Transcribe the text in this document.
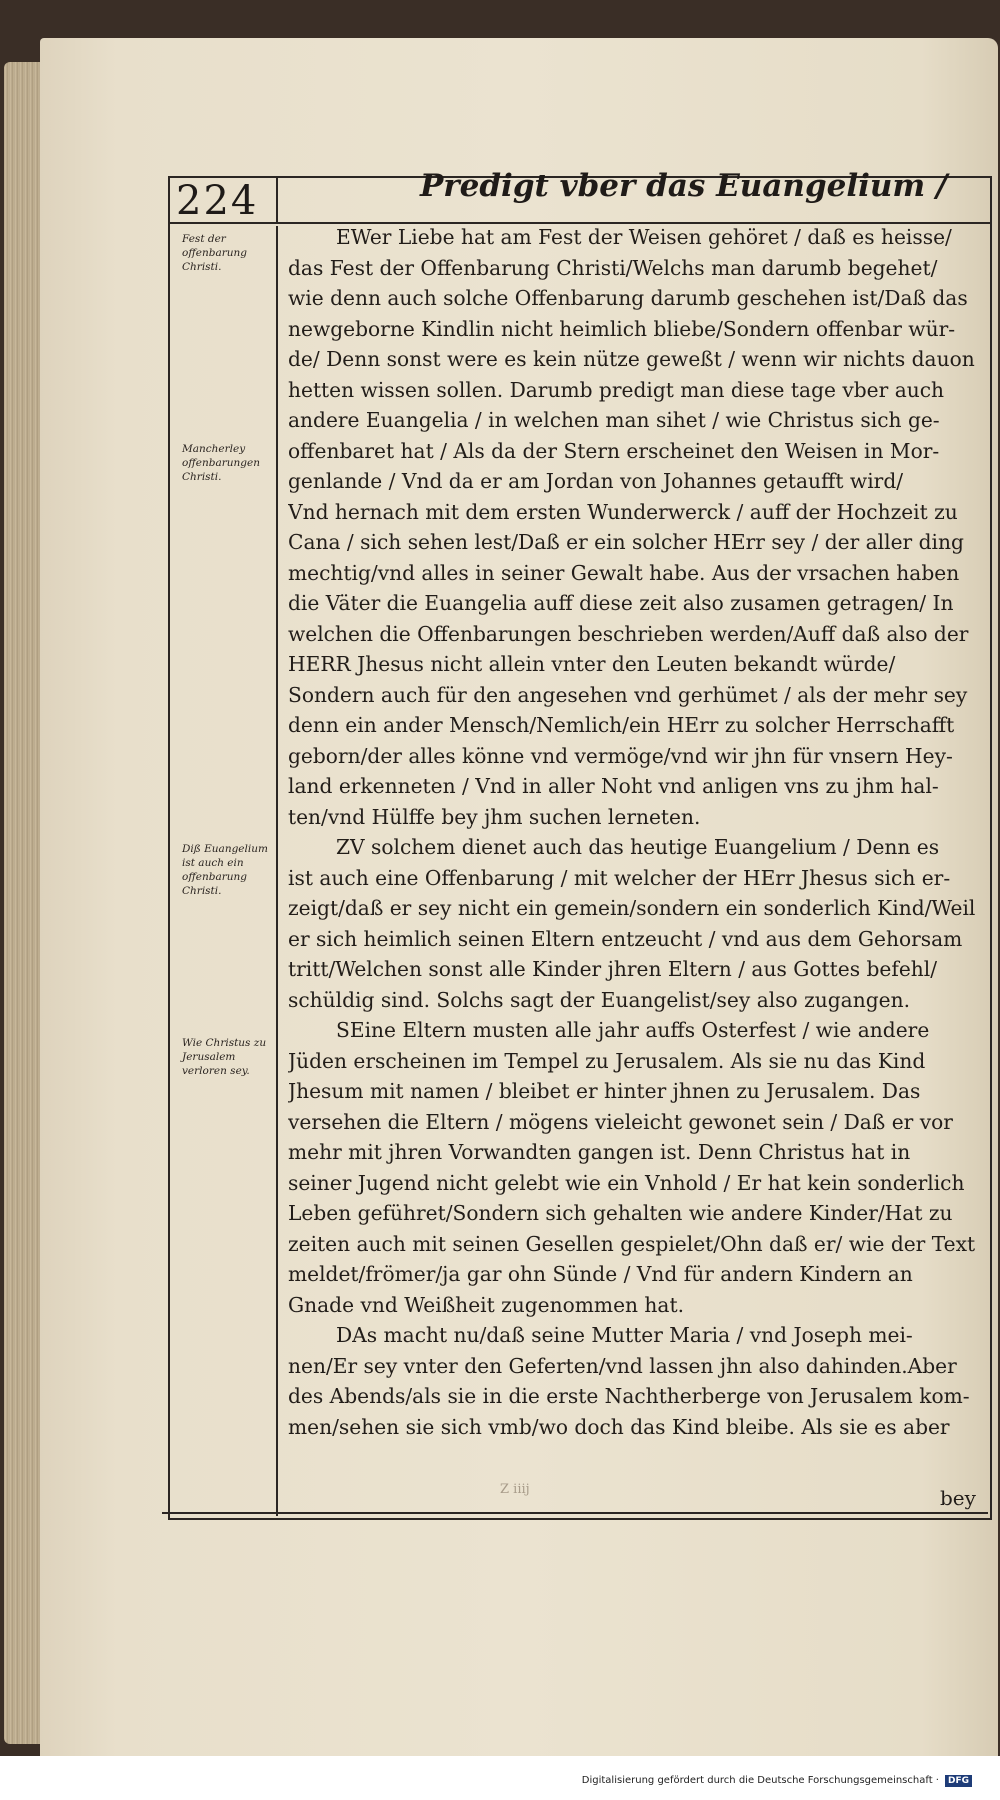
224	Predigt vber das Euangelium /
Fest der offenbarung Christi.
Mancherley offenbarungen Christi.
Diß Euangelium ist auch ein offenbarung Christi.
Wie Christus zu Jerusalem verloren sey.
EWer Liebe hat am Fest der Weisen gehöret / daß es heisse/
das Fest der Offenbarung Christi/Welchs man darumb begehet/
wie denn auch solche Offenbarung darumb geschehen ist/Daß das
newgeborne Kindlin nicht heimlich bliebe/Sondern offenbar wür-
de/ Denn sonst were es kein nütze geweßt / wenn wir nichts dauon
hetten wissen sollen. Darumb predigt man diese tage vber auch
andere Euangelia / in welchen man sihet / wie Christus sich ge-
offenbaret hat / Als da der Stern erscheinet den Weisen in Mor-
genlande / Vnd da er am Jordan von Johannes getaufft wird/
Vnd hernach mit dem ersten Wunderwerck / auff der Hochzeit zu
Cana / sich sehen lest/Daß er ein solcher HErr sey / der aller ding
mechtig/vnd alles in seiner Gewalt habe. Aus der vrsachen haben
die Väter die Euangelia auff diese zeit also zusamen getragen/ In
welchen die Offenbarungen beschrieben werden/Auff daß also der
HERR Jhesus nicht allein vnter den Leuten bekandt würde/
Sondern auch für den angesehen vnd gerhümet / als der mehr sey
denn ein ander Mensch/Nemlich/ein HErr zu solcher Herrschafft
geborn/der alles könne vnd vermöge/vnd wir jhn für vnsern Hey-
land erkenneten / Vnd in aller Noht vnd anligen vns zu jhm hal-
ten/vnd Hülffe bey jhm suchen lerneten.
ZV solchem dienet auch das heutige Euangelium / Denn es
ist auch eine Offenbarung / mit welcher der HErr Jhesus sich er-
zeigt/daß er sey nicht ein gemein/sondern ein sonderlich Kind/Weil
er sich heimlich seinen Eltern entzeucht / vnd aus dem Gehorsam
tritt/Welchen sonst alle Kinder jhren Eltern / aus Gottes befehl/
schüldig sind. Solchs sagt der Euangelist/sey also zugangen.
SEine Eltern musten alle jahr auffs Osterfest / wie andere
Jüden erscheinen im Tempel zu Jerusalem. Als sie nu das Kind
Jhesum mit namen / bleibet er hinter jhnen zu Jerusalem. Das
versehen die Eltern / mögens vieleicht gewonet sein / Daß er vor
mehr mit jhren Vorwandten gangen ist. Denn Christus hat in
seiner Jugend nicht gelebt wie ein Vnhold / Er hat kein sonderlich
Leben geführet/Sondern sich gehalten wie andere Kinder/Hat zu
zeiten auch mit seinen Gesellen gespielet/Ohn daß er/ wie der Text
meldet/frömer/ja gar ohn Sünde / Vnd für andern Kindern an
Gnade vnd Weißheit zugenommen hat.
DAs macht nu/daß seine Mutter Maria / vnd Joseph mei-
nen/Er sey vnter den Geferten/vnd lassen jhn also dahinden.Aber
des Abends/als sie in die erste Nachtherberge von Jerusalem kom-
men/sehen sie sich vmb/wo doch das Kind bleibe. Als sie es aber
Z iiij	bey
Digitalisierung gefördert durch die Deutsche Forschungsgemeinschaft · DFG
